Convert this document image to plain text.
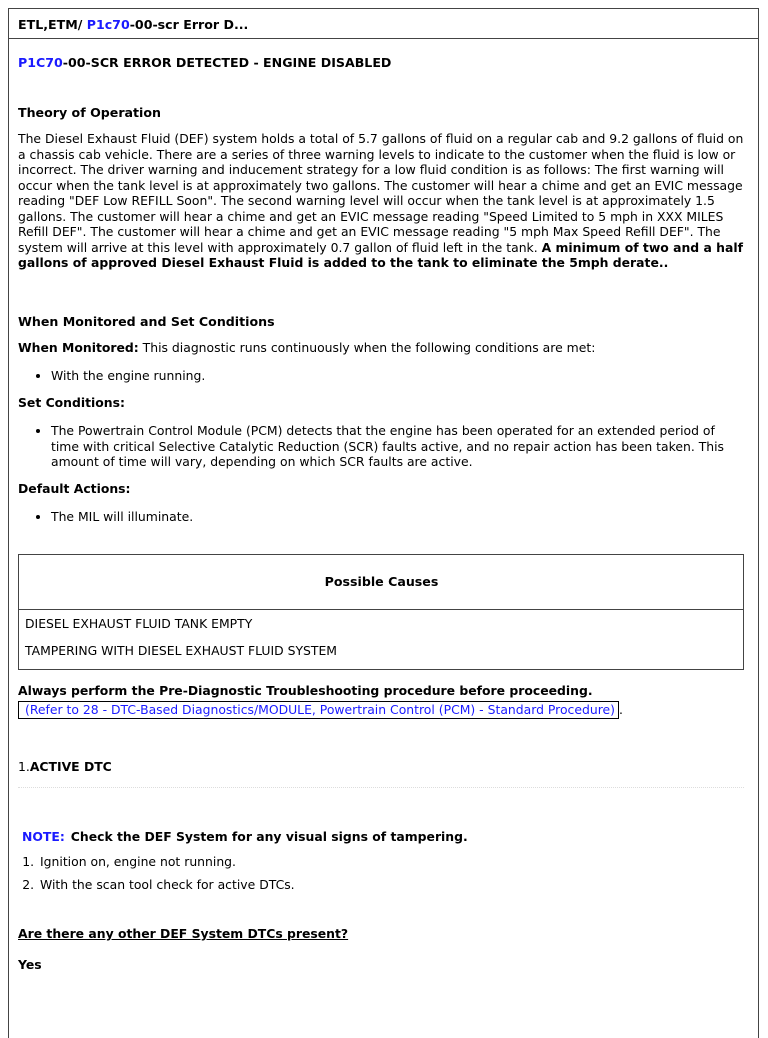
ETL,ETM/ P1c70-00-scr Error D...
P1C70-00-SCR ERROR DETECTED - ENGINE DISABLED
Theory of Operation

The Diesel Exhaust Fluid (DEF) system holds a total of 5.7 gallons of fluid on a regular cab and 9.2 gallons of fluid on a chassis cab vehicle. There are a series of three warning levels to indicate to the customer when the fluid is low or incorrect. The driver warning and inducement strategy for a low fluid condition is as follows: The first warning will occur when the tank level is at approximately two gallons. The customer will hear a chime and get an EVIC message reading "DEF Low REFILL Soon". The second warning level will occur when the tank level is at approximately 1.5 gallons. The customer will hear a chime and get an EVIC message reading "Speed Limited to 5 mph in XXX MILES Refill DEF". The customer will hear a chime and get an EVIC message reading "5 mph Max Speed Refill DEF". The system will arrive at this level with approximately 0.7 gallon of fluid left in the tank. A minimum of two and a half gallons of approved Diesel Exhaust Fluid is added to the tank to eliminate the 5mph derate..

When Monitored and Set Conditions

When Monitored: This diagnostic runs continuously when the following conditions are met:

• With the engine running.

Set Conditions:

• The Powertrain Control Module (PCM) detects that the engine has been operated for an extended period of time with critical Selective Catalytic Reduction (SCR) faults active, and no repair action has been taken. This amount of time will vary, depending on which SCR faults are active.

Default Actions:

• The MIL will illuminate.
Possible Causes
DIESEL EXHAUST FLUID TANK EMPTY
TAMPERING WITH DIESEL EXHAUST FLUID SYSTEM

Always perform the Pre-Diagnostic Troubleshooting procedure before proceeding.

(Refer to 28 - DTC-Based Diagnostics/MODULE, Powertrain Control (PCM) - Standard Procedure) .

1.ACTIVE DTC

NOTE: Check the DEF System for any visual signs of tampering.

1. Ignition on, engine not running.
2. With the scan tool check for active DTCs.

Are there any other DEF System DTCs present?

Yes
